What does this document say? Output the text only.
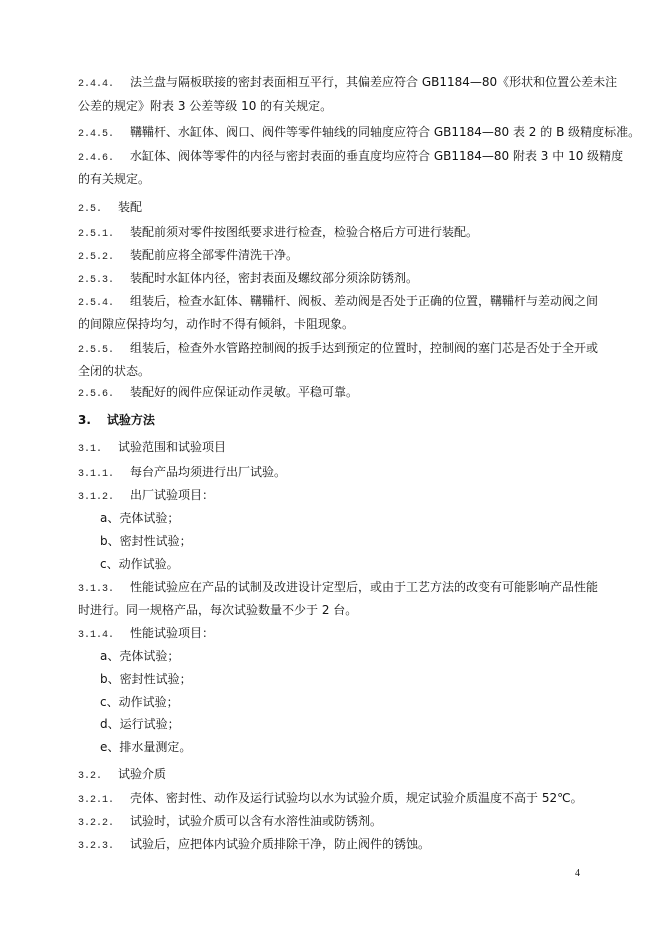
2.4.4. 法兰盘与隔板联接的密封表面相互平行，其偏差应符合 GB1184—80《形状和位置公差未注
公差的规定》附表 3 公差等级 10 的有关规定。
2.4.5. 鞲鞴杆、水缸体、阀口、阀件等零件轴线的同轴度应符合 GB1184—80 表 2 的 B 级精度标准。
2.4.6. 水缸体、阀体等零件的内径与密封表面的垂直度均应符合 GB1184—80 附表 3 中 10 级精度
的有关规定。
2.5. 装配
2.5.1. 装配前须对零件按图纸要求进行检查，检验合格后方可进行装配。
2.5.2. 装配前应将全部零件清洗干净。
2.5.3. 装配时水缸体内径，密封表面及螺纹部分须涂防锈剂。
2.5.4. 组装后，检查水缸体、鞲鞴杆、阀板、差动阀是否处于正确的位置，鞲鞴杆与差动阀之间
的间隙应保持均匀，动作时不得有倾斜，卡阻现象。
2.5.5. 组装后，检查外水管路控制阀的扳手达到预定的位置时，控制阀的塞门芯是否处于全开或
全闭的状态。
2.5.6. 装配好的阀件应保证动作灵敏。平稳可靠。
3. 试验方法
3.1. 试验范围和试验项目
3.1.1. 每台产品均须进行出厂试验。
3.1.2. 出厂试验项目：
a、壳体试验；
b、密封性试验；
c、动作试验。
3.1.3. 性能试验应在产品的试制及改进设计定型后，或由于工艺方法的改变有可能影响产品性能
时进行。同一规格产品，每次试验数量不少于 2 台。
3.1.4. 性能试验项目：
a、壳体试验；
b、密封性试验；
c、动作试验；
d、运行试验；
e、排水量测定。
3.2. 试验介质
3.2.1. 壳体、密封性、动作及运行试验均以水为试验介质，规定试验介质温度不高于 52℃。
3.2.2. 试验时，试验介质可以含有水溶性油或防锈剂。
3.2.3. 试验后，应把体内试验介质排除干净，防止阀件的锈蚀。
4
